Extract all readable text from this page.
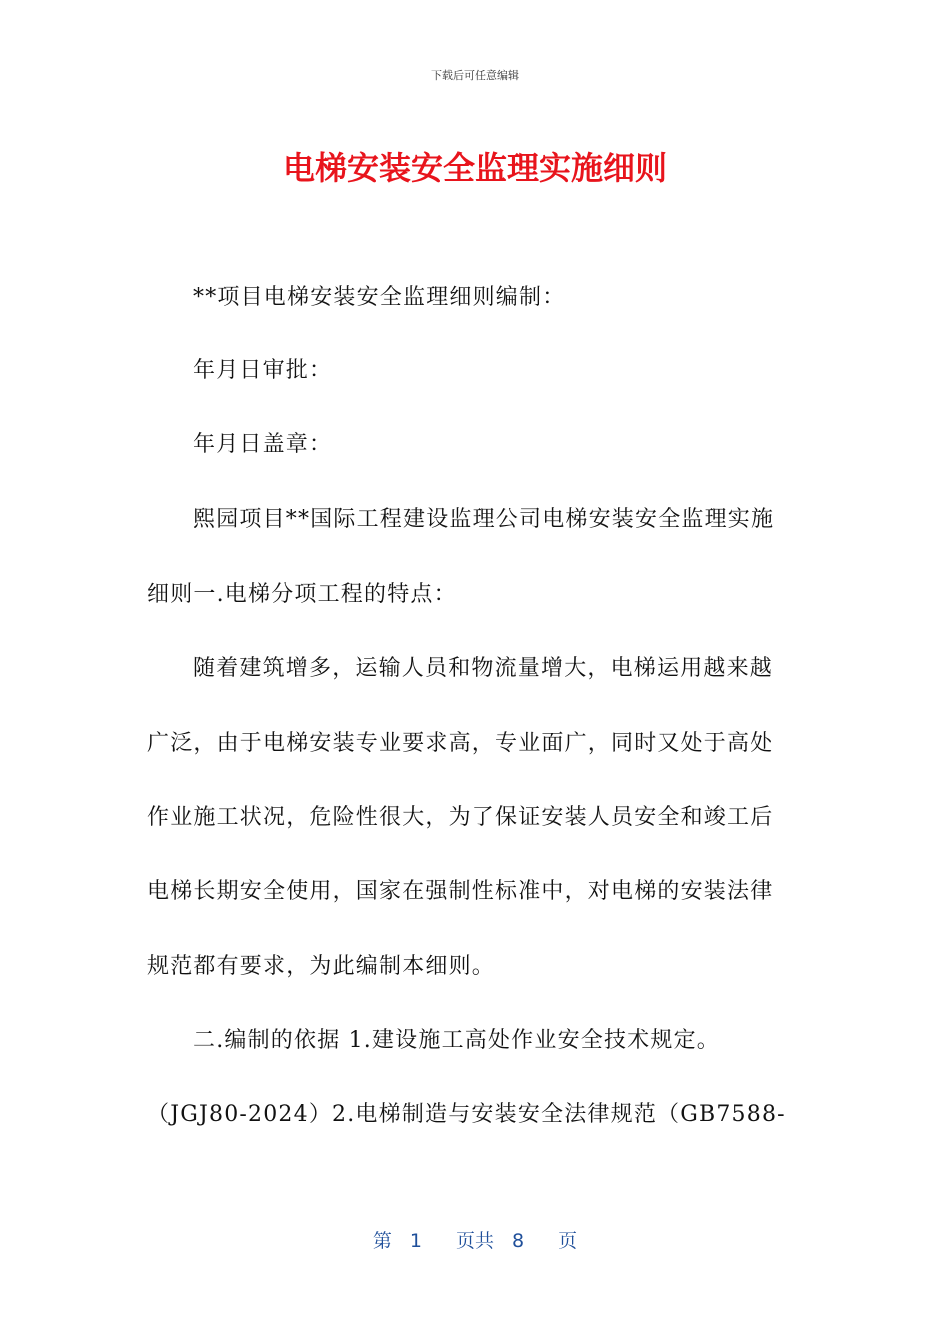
下载后可任意编辑
电梯安装安全监理实施细则
**项目电梯安装安全监理细则编制：
年月日审批：
年月日盖章：
熙园项目**国际工程建设监理公司电梯安装安全监理实施
细则一.电梯分项工程的特点：
随着建筑增多，运输人员和物流量增大，电梯运用越来越
广泛，由于电梯安装专业要求高，专业面广，同时又处于高处
作业施工状况，危险性很大，为了保证安装人员安全和竣工后
电梯长期安全使用，国家在强制性标准中，对电梯的安装法律
规范都有要求，为此编制本细则。
二.编制的依据 1.建设施工高处作业安全技术规定。
（JGJ80-2024）2.电梯制造与安装安全法律规范（GB7588-
第 1 页共 8 页
